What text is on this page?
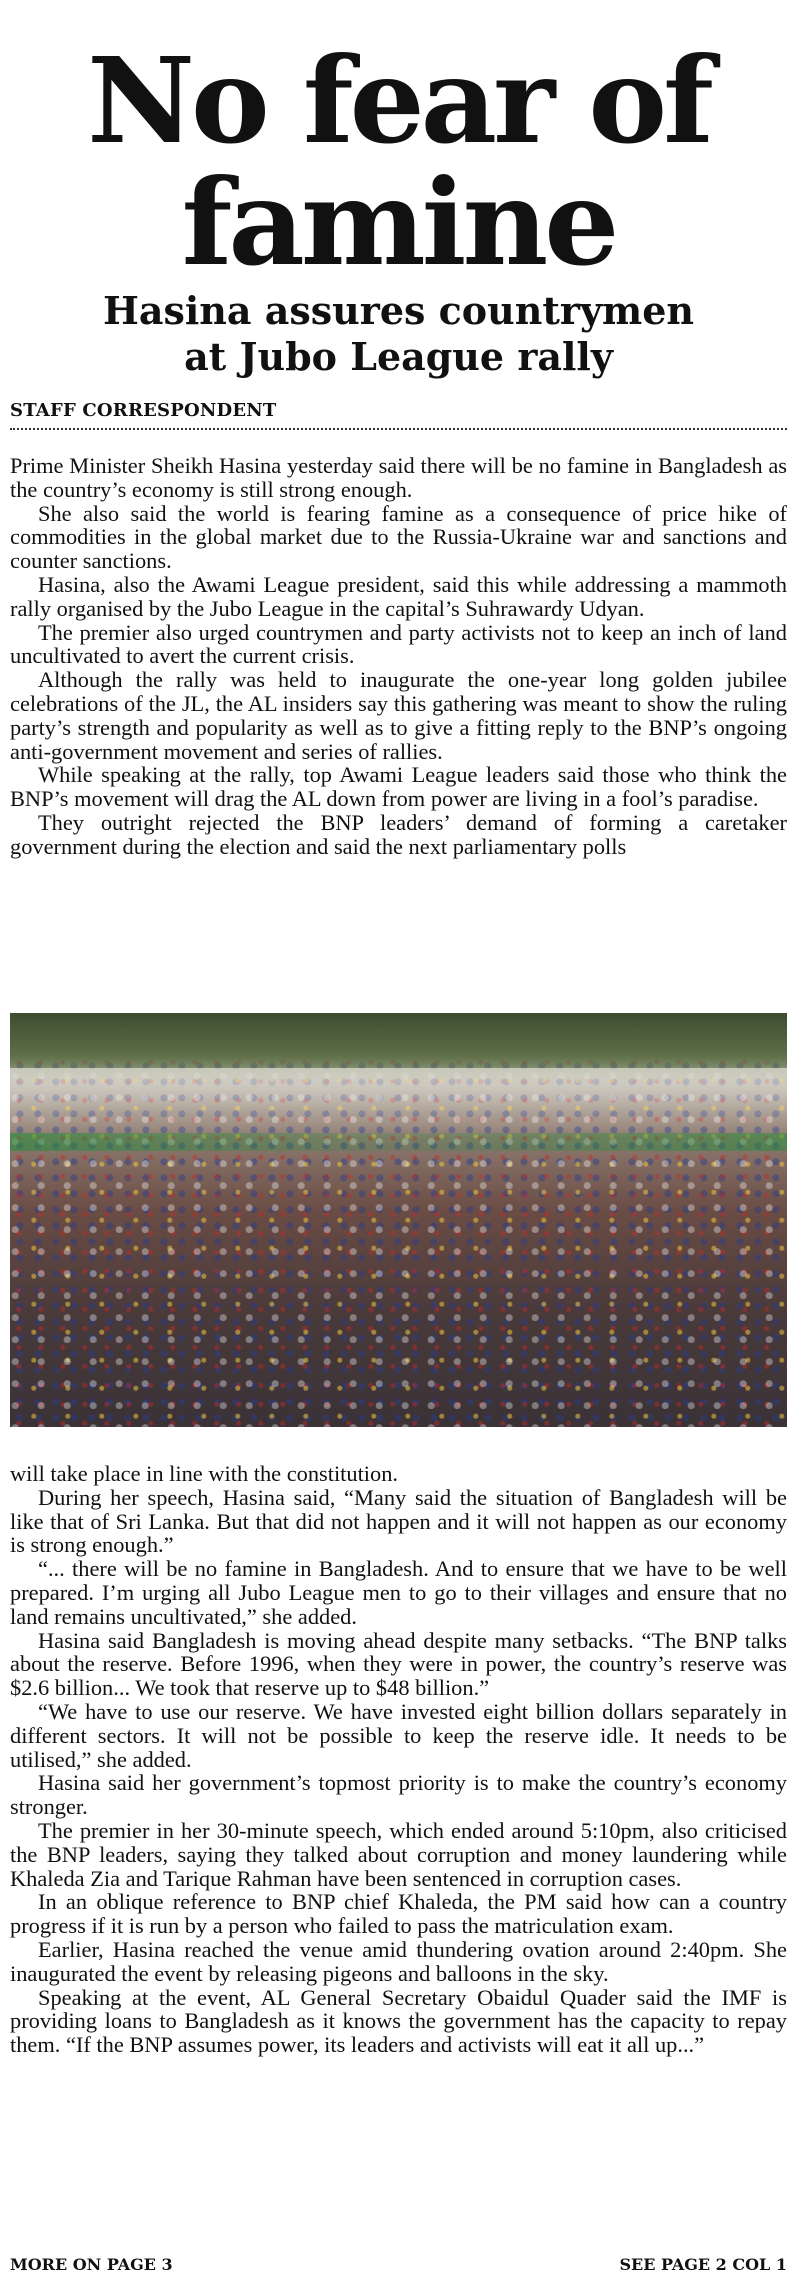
No fear of
famine
Hasina assures countrymen
at Jubo League rally
STAFF CORRESPONDENT

Prime Minister Sheikh Hasina yesterday said there will be no famine in Bangladesh as the country’s economy is still strong enough.

She also said the world is fearing famine as a consequence of price hike of commodities in the global market due to the Russia-Ukraine war and sanctions and counter sanctions.

Hasina, also the Awami League president, said this while addressing a mammoth rally organised by the Jubo League in the capital’s Suhrawardy Udyan.

The premier also urged countrymen and party activists not to keep an inch of land uncultivated to avert the current crisis.

Although the rally was held to inaugurate the one-year long golden jubilee celebrations of the JL, the AL insiders say this gathering was meant to show the ruling party’s strength and popularity as well as to give a fitting reply to the BNP’s ongoing anti-government movement and series of rallies.

While speaking at the rally, top Awami League leaders said those who think the BNP’s movement will drag the AL down from power are living in a fool’s paradise.

They outright rejected the BNP leaders’ demand of forming a caretaker government during the election and said the next parliamentary polls

will take place in line with the constitution.

During her speech, Hasina said, “Many said the situation of Bangladesh will be like that of Sri Lanka. But that did not happen and it will not happen as our economy is strong enough.”

“... there will be no famine in Bangladesh. And to ensure that we have to be well prepared. I’m urging all Jubo League men to go to their villages and ensure that no land remains uncultivated,” she added.

Hasina said Bangladesh is moving ahead despite many setbacks. “The BNP talks about the reserve. Before 1996, when they were in power, the country’s reserve was $2.6 billion... We took that reserve up to $48 billion.”

“We have to use our reserve. We have invested eight billion dollars separately in different sectors. It will not be possible to keep the reserve idle. It needs to be utilised,” she added.

Hasina said her government’s topmost priority is to make the country’s economy stronger.

The premier in her 30-minute speech, which ended around 5:10pm, also criticised the BNP leaders, saying they talked about corruption and money laundering while Khaleda Zia and Tarique Rahman have been sentenced in corruption cases.

In an oblique reference to BNP chief Khaleda, the PM said how can a country progress if it is run by a person who failed to pass the matriculation exam.

Earlier, Hasina reached the venue amid thundering ovation around 2:40pm. She inaugurated the event by releasing pigeons and balloons in the sky.

Speaking at the event, AL General Secretary Obaidul Quader said the IMF is providing loans to Bangladesh as it knows the government has the capacity to repay them. “If the BNP assumes power, its leaders and activists will eat it all up...”

MORE ON PAGE 3	SEE PAGE 2 COL 1
